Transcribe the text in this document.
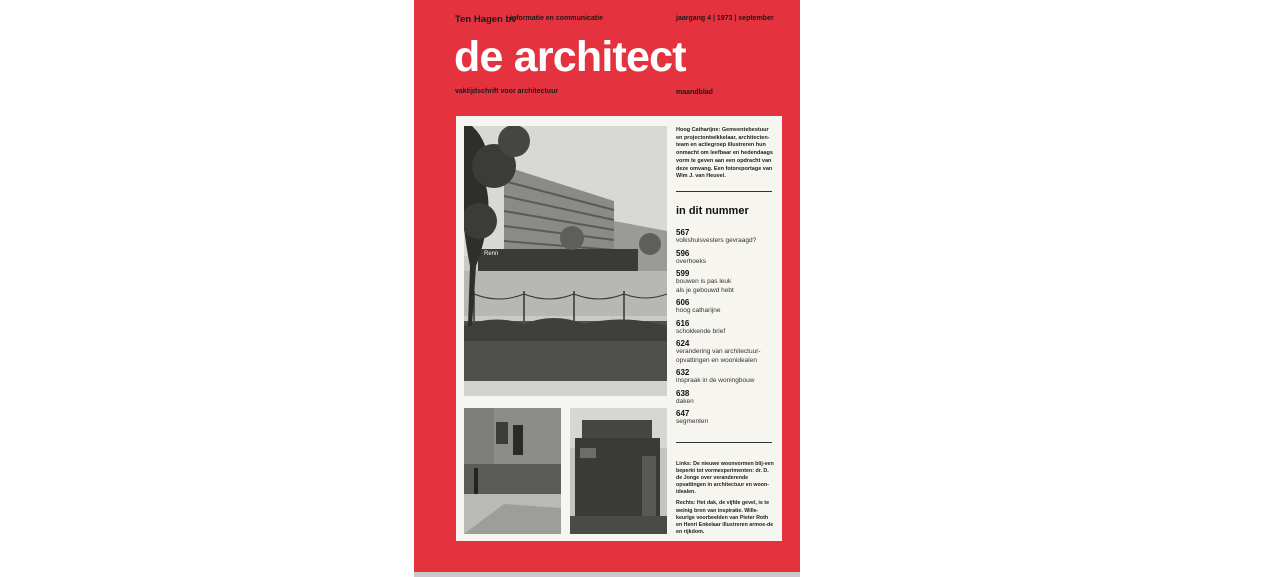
Ten Hagen bv
informatie en communicatie	jaargang 4 | 1973 | september
de architect
vaktijdschrift voor architectuur	maandblad
Renn
Hoog Catharijne: Gemeentebestuur en projectontwikkelaar, architecten-team en actiegroep illustreren hun onmacht om leefbaar en hedendaags vorm te geven aan een opdracht van deze omvang. Een fotoreportage van Wim J. van Heuvel.
in dit nummer
567
volkshuisvesters gevraagd?
596
overhoeks
599
bouwen is pas leuk
als je gebouwd hebt
606
hoog catharijne
616
schokkende brief
624
verandering van architectuur-
opvattingen en woonidealen
632
inspraak in de woningbouw
638
daken
647
segmenten

Links: De nieuwe woonvormen blij-ven beperkt tot vormexperimenten: dr. D. de Jonge over veranderende opvattingen in architectuur en woon-idealen.

Rechts: Het dak, de vijfde gevel, is te weinig bron van inspiratie. Wille-keurige voorbeelden van Pieter Roth en Henri Enkelaar illustreren armoe-de en rijkdom.
